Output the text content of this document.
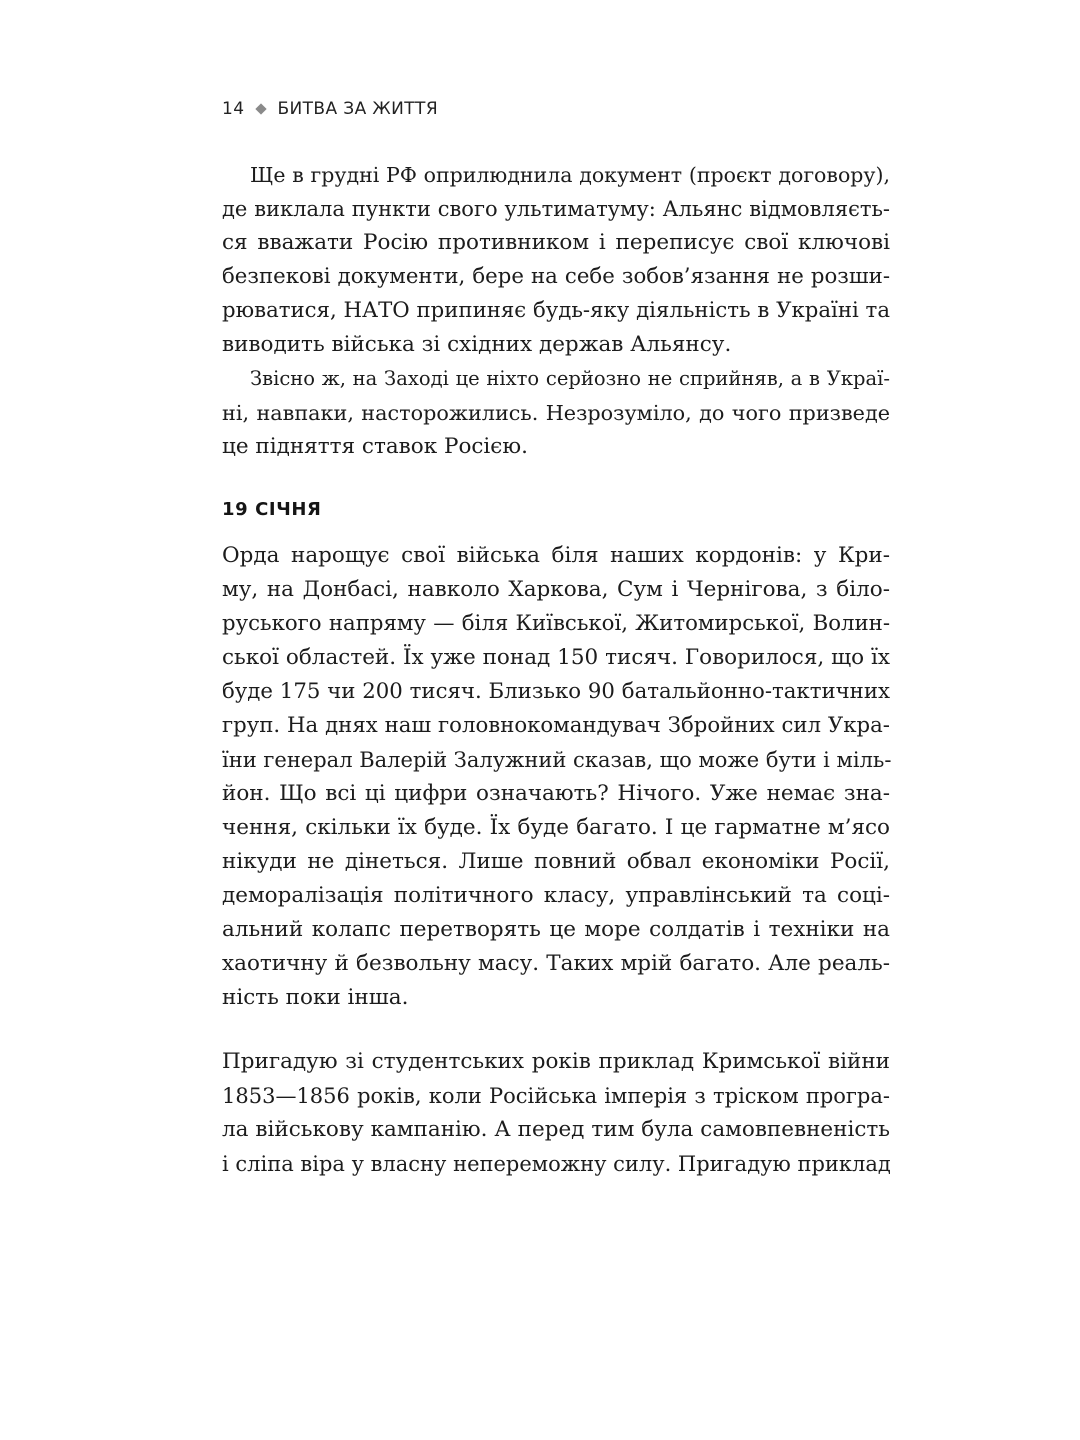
14 БИТВА ЗА ЖИТТЯ
Ще в грудні РФ оприлюднила документ (проєкт договору),
де виклала пункти свого ультиматуму: Альянс відмовляєть-
ся вважати Росію противником і переписує свої ключові
безпекові документи, бере на себе зобов’язання не розши-
рюватися, НАТО припиняє будь-яку діяльність в Україні та
виводить війська зі східних держав Альянсу.
Звісно ж, на Заході це ніхто серйозно не сприйняв, а в Украї-
ні, навпаки, насторожились. Незрозуміло, до чого призведе
це підняття ставок Росією.
19 СІЧНЯ
Орда нарощує свої війська біля наших кордонів: у Кри-
му, на Донбасі, навколо Харкова, Сум і Чернігова, з біло-
руського напряму — біля Київської, Житомирської, Волин-
ської областей. Їх уже понад 150 тисяч. Говорилося, що їх
буде 175 чи 200 тисяч. Близько 90 батальйонно-тактичних
груп. На днях наш головнокомандувач Збройних сил Укра-
їни генерал Валерій Залужний сказав, що може бути і міль-
йон. Що всі ці цифри означають? Нічого. Уже немає зна-
чення, скільки їх буде. Їх буде багато. І це гарматне м’ясо
нікуди не дінеться. Лише повний обвал економіки Росії,
деморалізація політичного класу, управлінський та соці-
альний колапс перетворять це море солдатів і техніки на
хаотичну й безвольну масу. Таких мрій багато. Але реаль-
ність поки інша.
Пригадую зі студентських років приклад Кримської війни
1853—1856 років, коли Російська імперія з тріском програ-
ла військову кампанію. А перед тим була самовпевненість
і сліпа віра у власну непереможну силу. Пригадую приклад
